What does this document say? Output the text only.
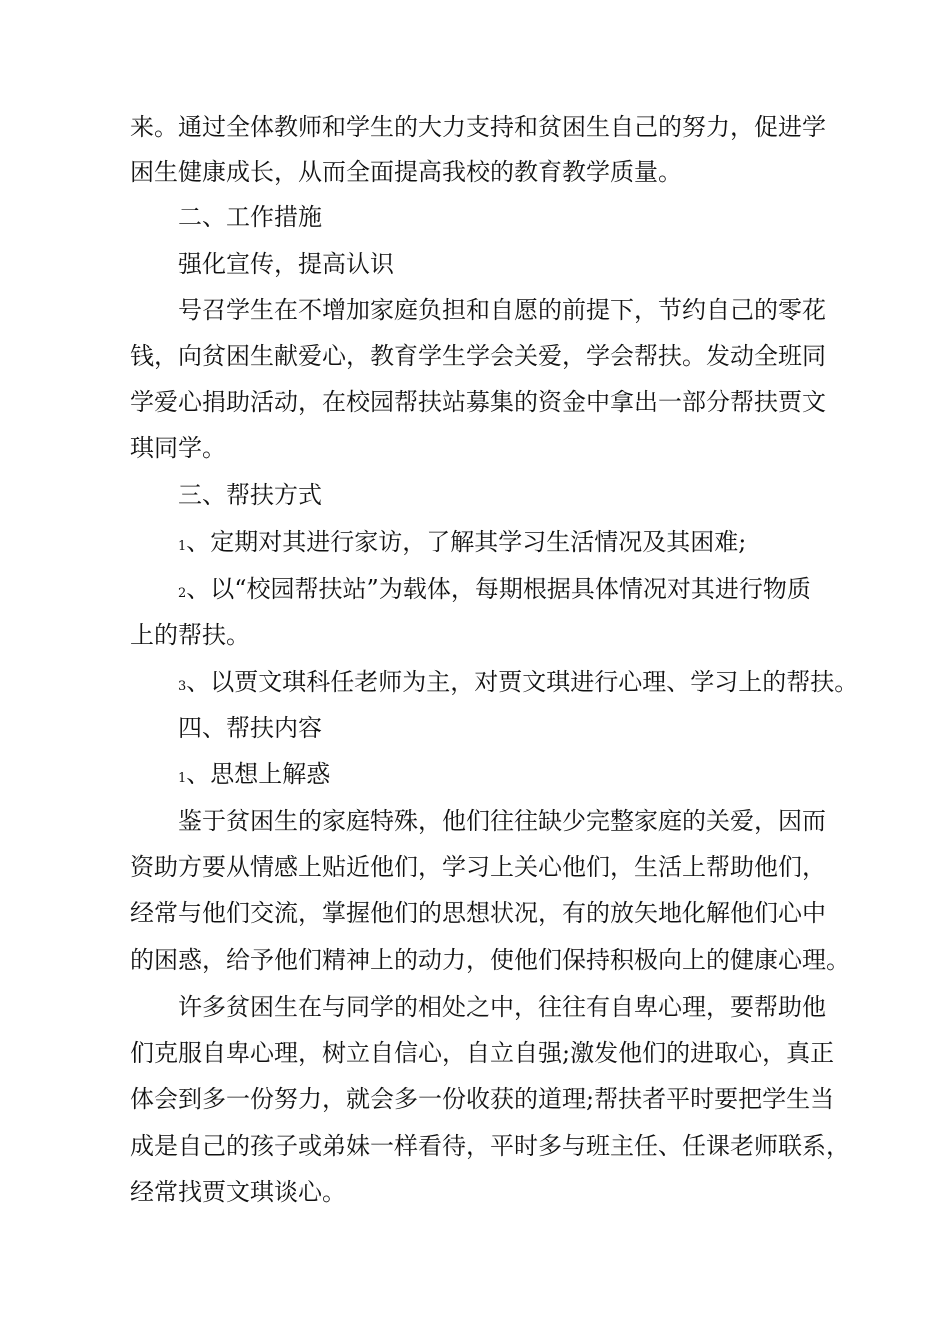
来。通过全体教师和学生的大力支持和贫困生自己的努力，促进学
困生健康成长，从而全面提高我校的教育教学质量。
二、工作措施
强化宣传，提高认识
号召学生在不增加家庭负担和自愿的前提下，节约自己的零花
钱，向贫困生献爱心，教育学生学会关爱，学会帮扶。发动全班同
学爱心捐助活动，在校园帮扶站募集的资金中拿出一部分帮扶贾文
琪同学。
三、帮扶方式
1、定期对其进行家访，了解其学习生活情况及其困难;
2、以“校园帮扶站”为载体，每期根据具体情况对其进行物质
上的帮扶。
3、以贾文琪科任老师为主，对贾文琪进行心理、学习上的帮扶。
四、帮扶内容
1、思想上解惑
鉴于贫困生的家庭特殊，他们往往缺少完整家庭的关爱，因而
资助方要从情感上贴近他们，学习上关心他们，生活上帮助他们，
经常与他们交流，掌握他们的思想状况，有的放矢地化解他们心中
的困惑，给予他们精神上的动力，使他们保持积极向上的健康心理。
许多贫困生在与同学的相处之中，往往有自卑心理，要帮助他
们克服自卑心理，树立自信心，自立自强;激发他们的进取心，真正
体会到多一份努力，就会多一份收获的道理;帮扶者平时要把学生当
成是自己的孩子或弟妹一样看待，平时多与班主任、任课老师联系，
经常找贾文琪谈心。
